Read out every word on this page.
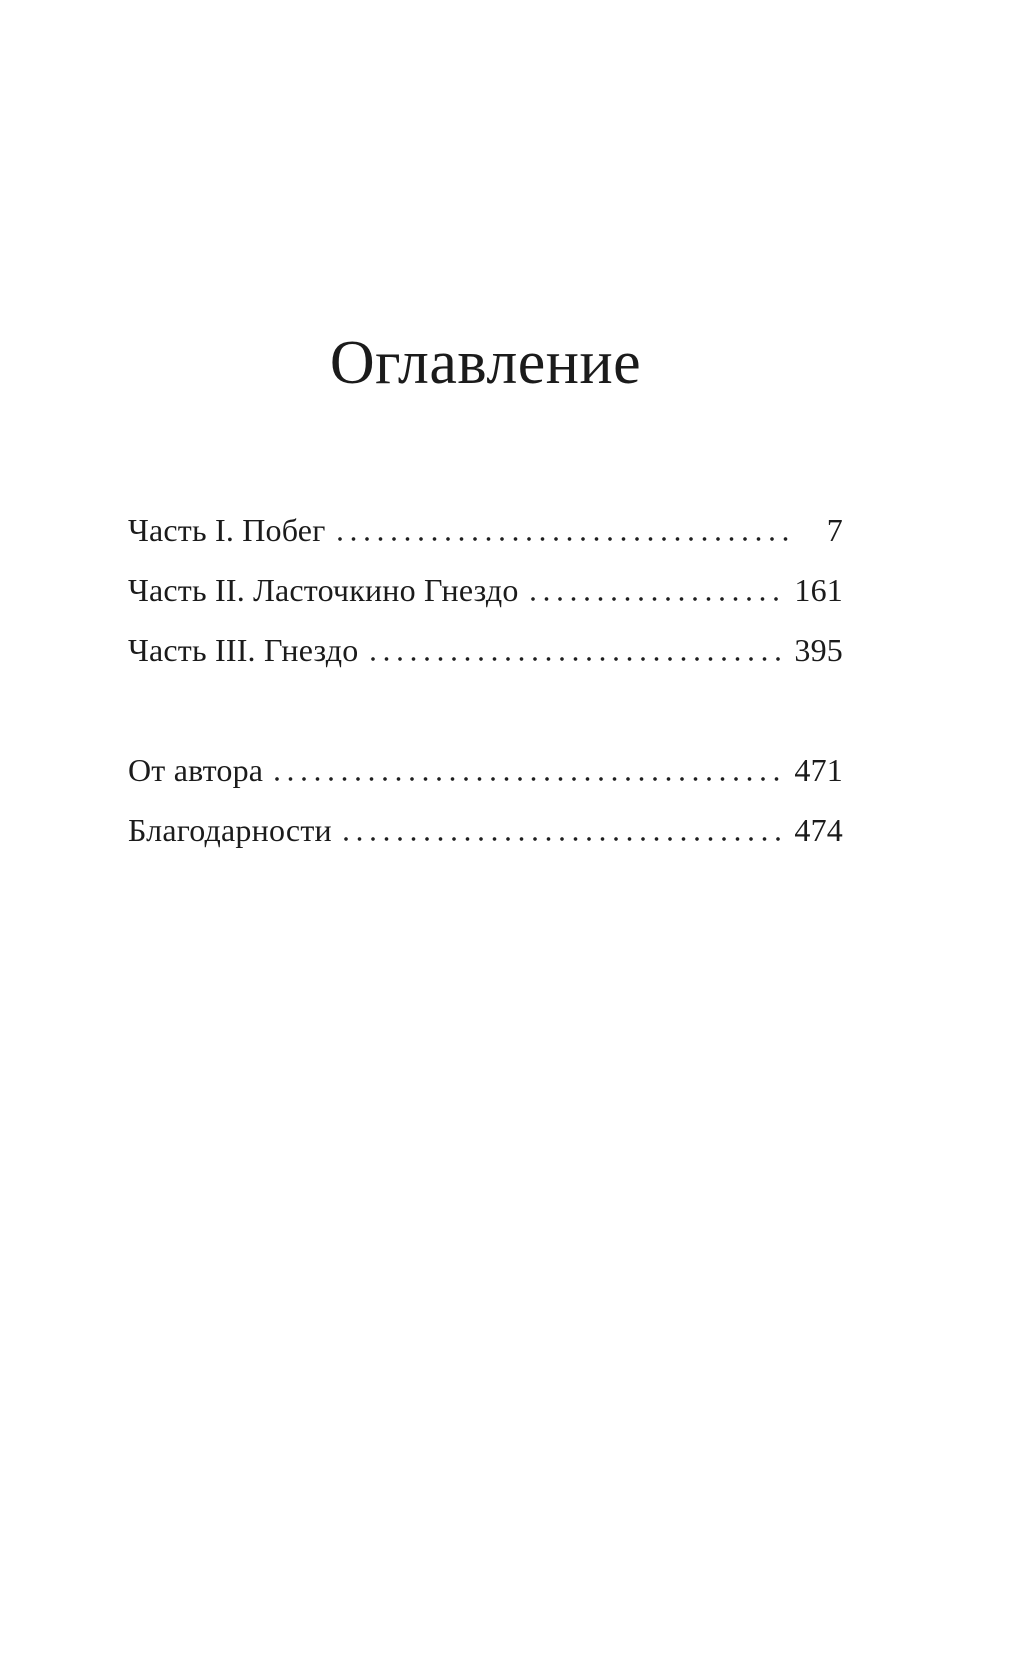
Оглавление
Часть I. Побег	7
Часть II. Ласточкино Гнездо	161
Часть III. Гнездо	395
От автора	471
Благодарности	474
